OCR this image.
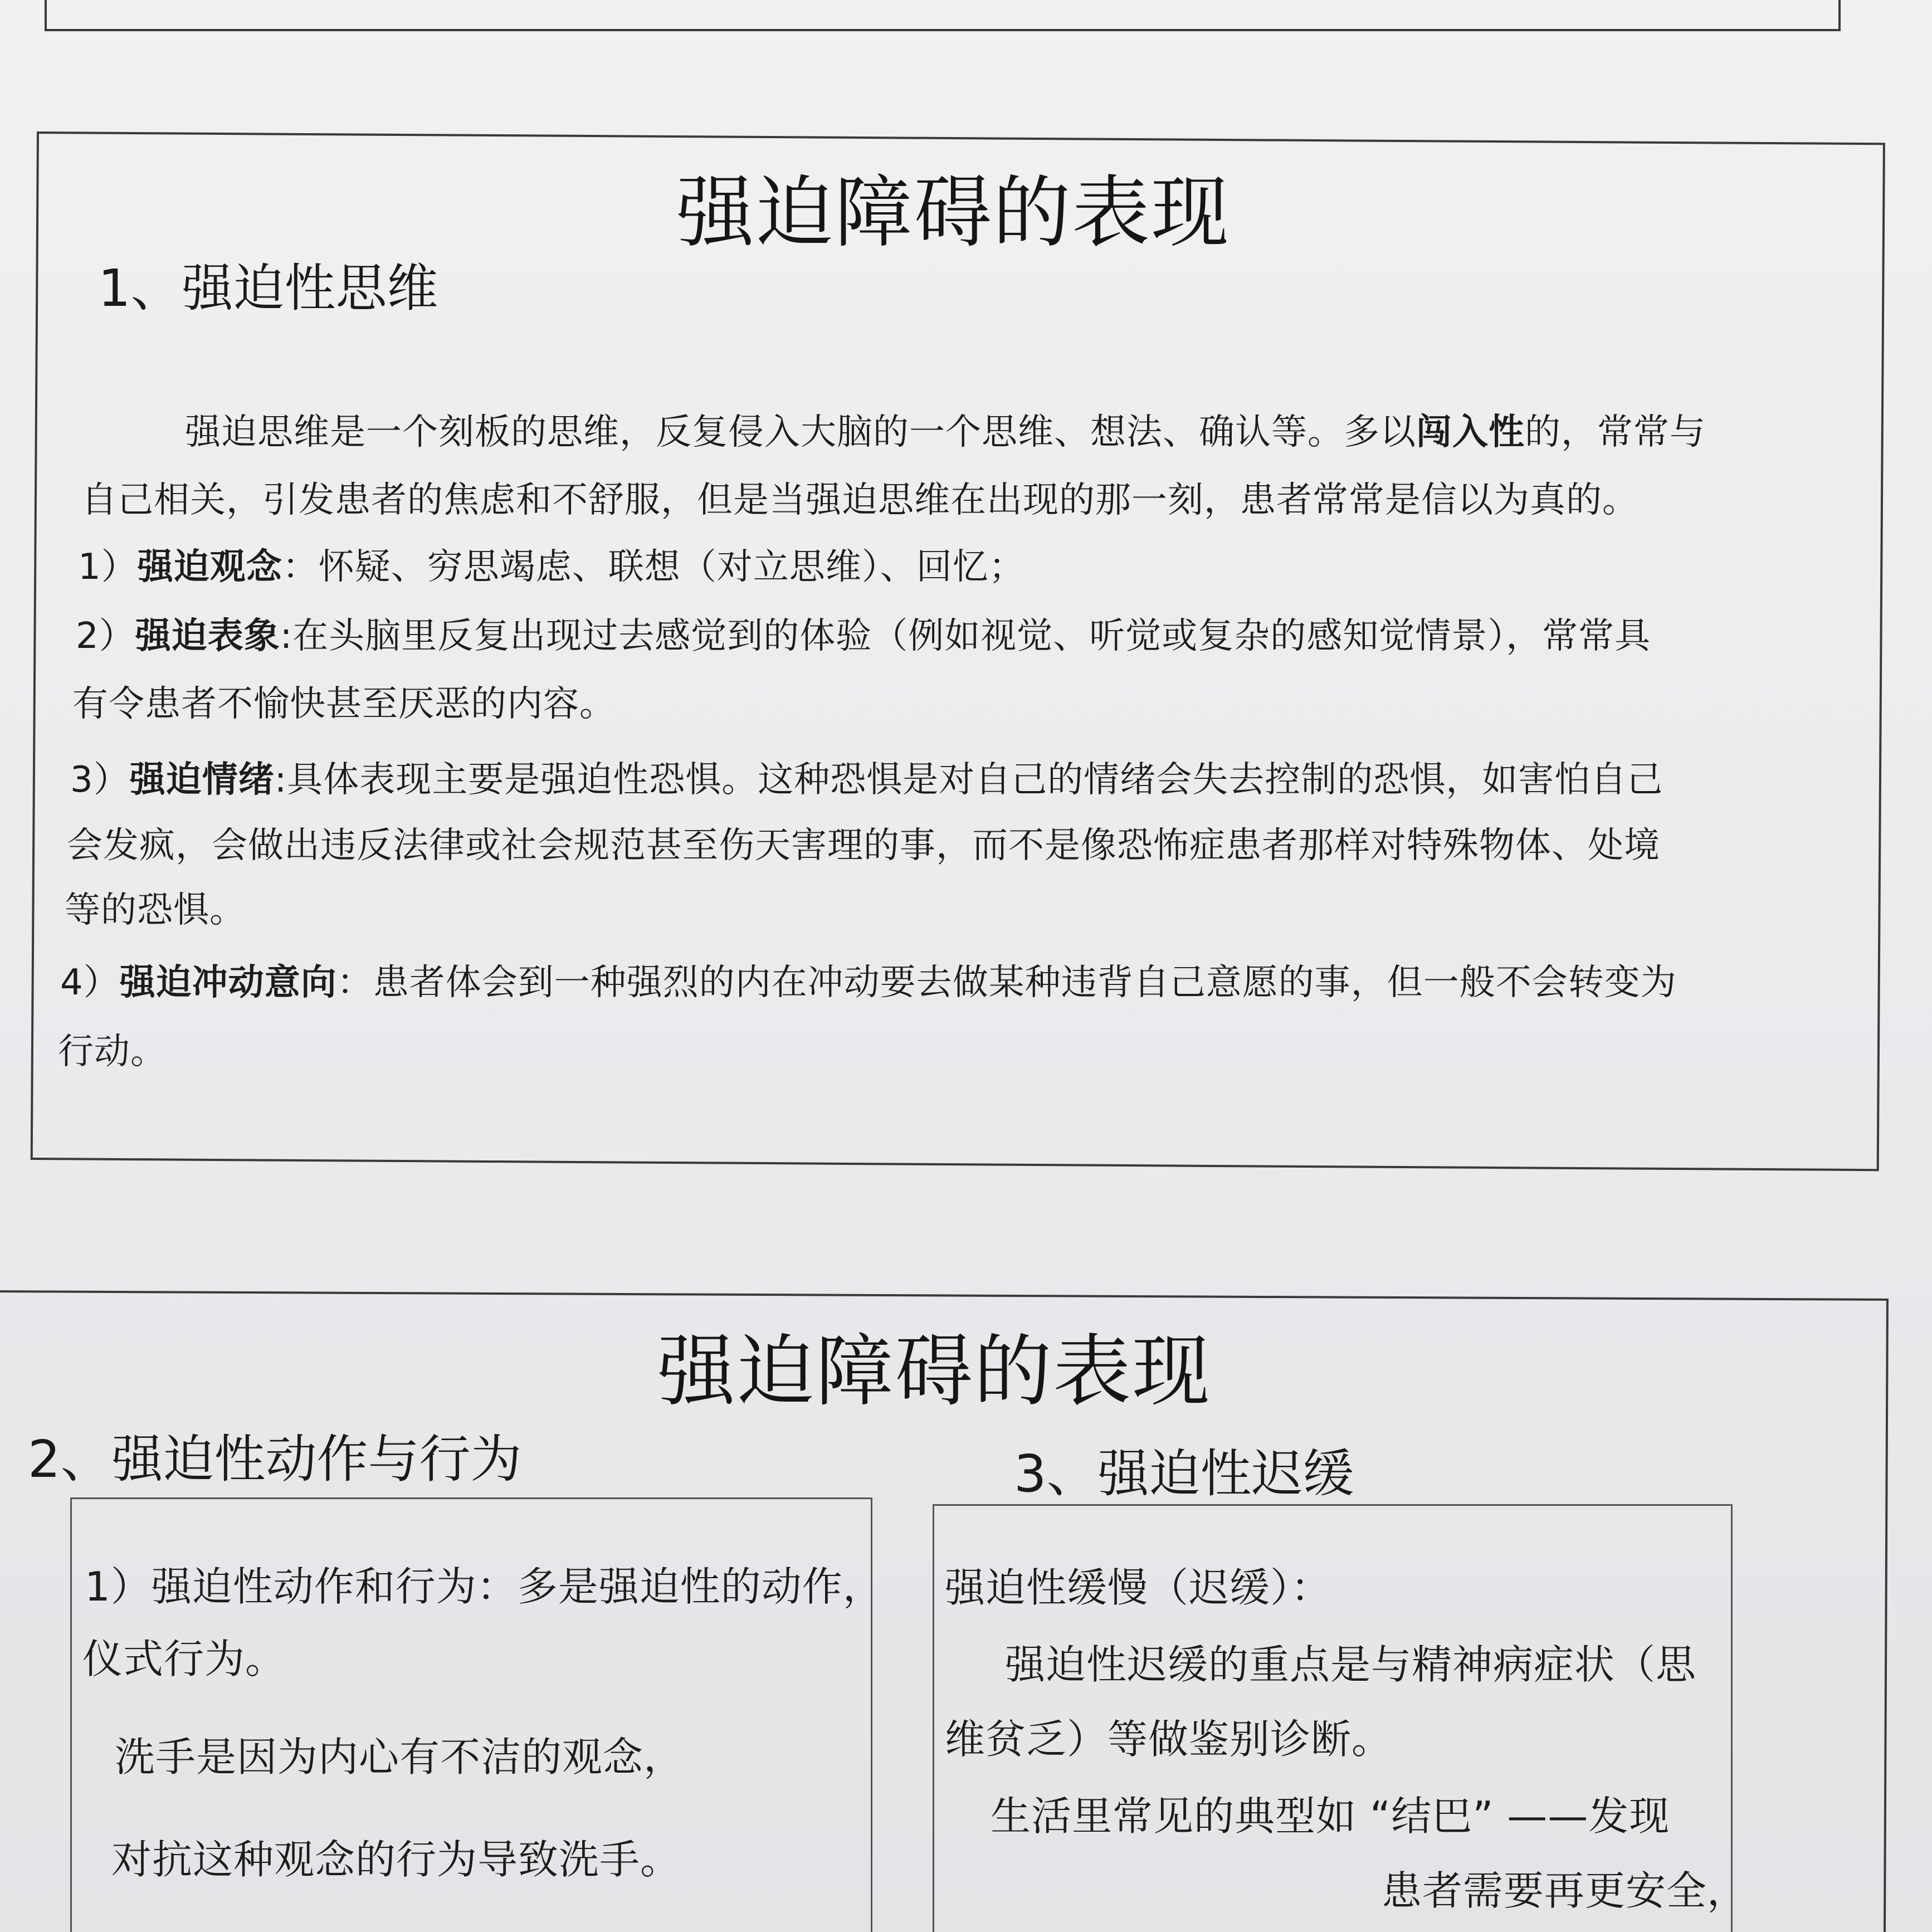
强迫障碍的表现
1、强迫性思维
强迫思维是一个刻板的思维，反复侵入大脑的一个思维、想法、确认等。多以闯入性的，常常与
自己相关，引发患者的焦虑和不舒服，但是当强迫思维在出现的那一刻，患者常常是信以为真的。
1）强迫观念：怀疑、穷思竭虑、联想（对立思维）、回忆；
2）强迫表象:在头脑里反复出现过去感觉到的体验（例如视觉、听觉或复杂的感知觉情景），常常具
有令患者不愉快甚至厌恶的内容。
3）强迫情绪:具体表现主要是强迫性恐惧。这种恐惧是对自己的情绪会失去控制的恐惧，如害怕自己
会发疯，会做出违反法律或社会规范甚至伤天害理的事，而不是像恐怖症患者那样对特殊物体、处境
等的恐惧。
4）强迫冲动意向：患者体会到一种强烈的内在冲动要去做某种违背自己意愿的事，但一般不会转变为
行动。
强迫障碍的表现
2、强迫性动作与行为	3、强迫性迟缓
1）强迫性动作和行为：多是强迫性的动作，
仪式行为。
洗手是因为内心有不洁的观念，
对抗这种观念的行为导致洗手。
强迫性缓慢（迟缓）：
强迫性迟缓的重点是与精神病症状（思
维贫乏）等做鉴别诊断。
生活里常见的典型如 “结巴” ——发现
患者需要再更安全，
